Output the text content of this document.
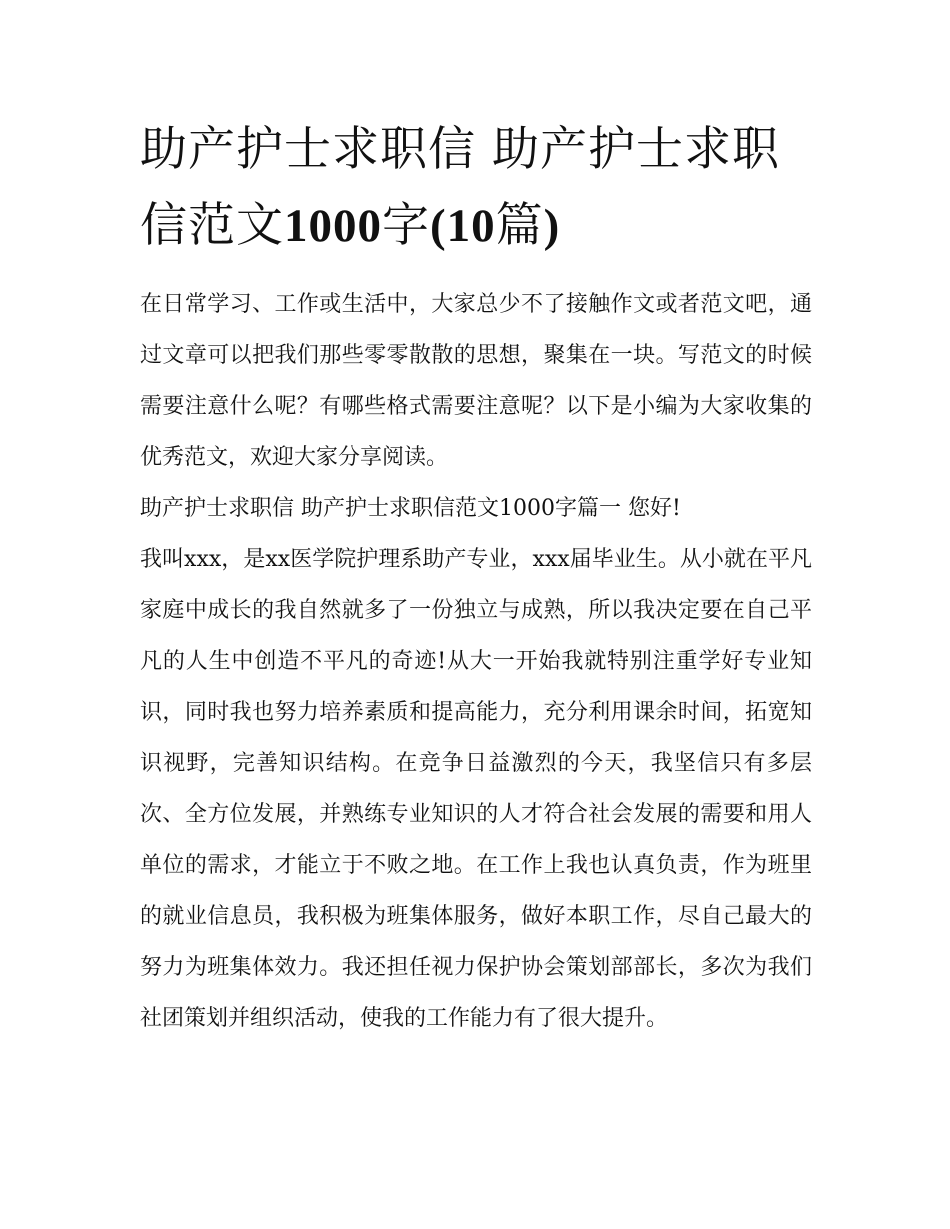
助产护士求职信 助产护士求职信范文1000字(10篇)

在日常学习、工作或生活中，大家总少不了接触作文或者范文吧，通过文章可以把我们那些零零散散的思想，聚集在一块。写范文的时候需要注意什么呢？有哪些格式需要注意呢？以下是小编为大家收集的优秀范文，欢迎大家分享阅读。

助产护士求职信 助产护士求职信范文1000字篇一 您好!

我叫xxx，是xx医学院护理系助产专业，xxx届毕业生。从小就在平凡家庭中成长的我自然就多了一份独立与成熟，所以我决定要在自己平凡的人生中创造不平凡的奇迹!从大一开始我就特别注重学好专业知识，同时我也努力培养素质和提高能力，充分利用课余时间，拓宽知识视野，完善知识结构。在竞争日益激烈的今天，我坚信只有多层次、全方位发展，并熟练专业知识的人才符合社会发展的需要和用人单位的需求，才能立于不败之地。在工作上我也认真负责，作为班里的就业信息员，我积极为班集体服务，做好本职工作，尽自己最大的努力为班集体效力。我还担任视力保护协会策划部部长，多次为我们社团策划并组织活动，使我的工作能力有了很大提升。
